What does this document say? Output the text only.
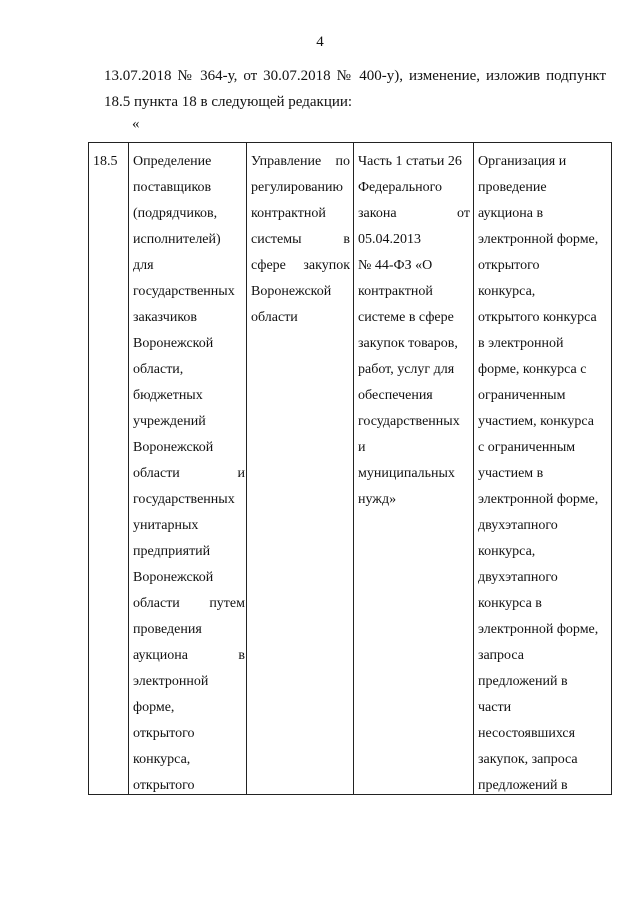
4
13.07.2018 № 364-у, от 30.07.2018 № 400-у), изменение, изложив подпункт
18.5 пункта 18 в следующей редакции:
«
18.5	Определение
поставщиков
(подрядчиков,
исполнителей)
для
государственных
заказчиков
Воронежской
области,
бюджетных
учреждений
Воронежской
области и
государственных
унитарных
предприятий
Воронежской
области путем
проведения
аукциона в
электронной
форме,
открытого
конкурса,
открытого
Управление по
регулированию
контрактной
системы в
сфере закупок
Воронежской
области
Часть 1 статьи 26
Федерального
закона от
05.04.2013
№ 44-ФЗ «О
контрактной
системе в сфере
закупок товаров,
работ, услуг для
обеспечения
государственных
и
муниципальных
нужд»
Организация и
проведение
аукциона в
электронной форме,
открытого
конкурса,
открытого конкурса
в электронной
форме, конкурса с
ограниченным
участием, конкурса
с ограниченным
участием в
электронной форме,
двухэтапного
конкурса,
двухэтапного
конкурса в
электронной форме,
запроса
предложений в
части
несостоявшихся
закупок, запроса
предложений в
